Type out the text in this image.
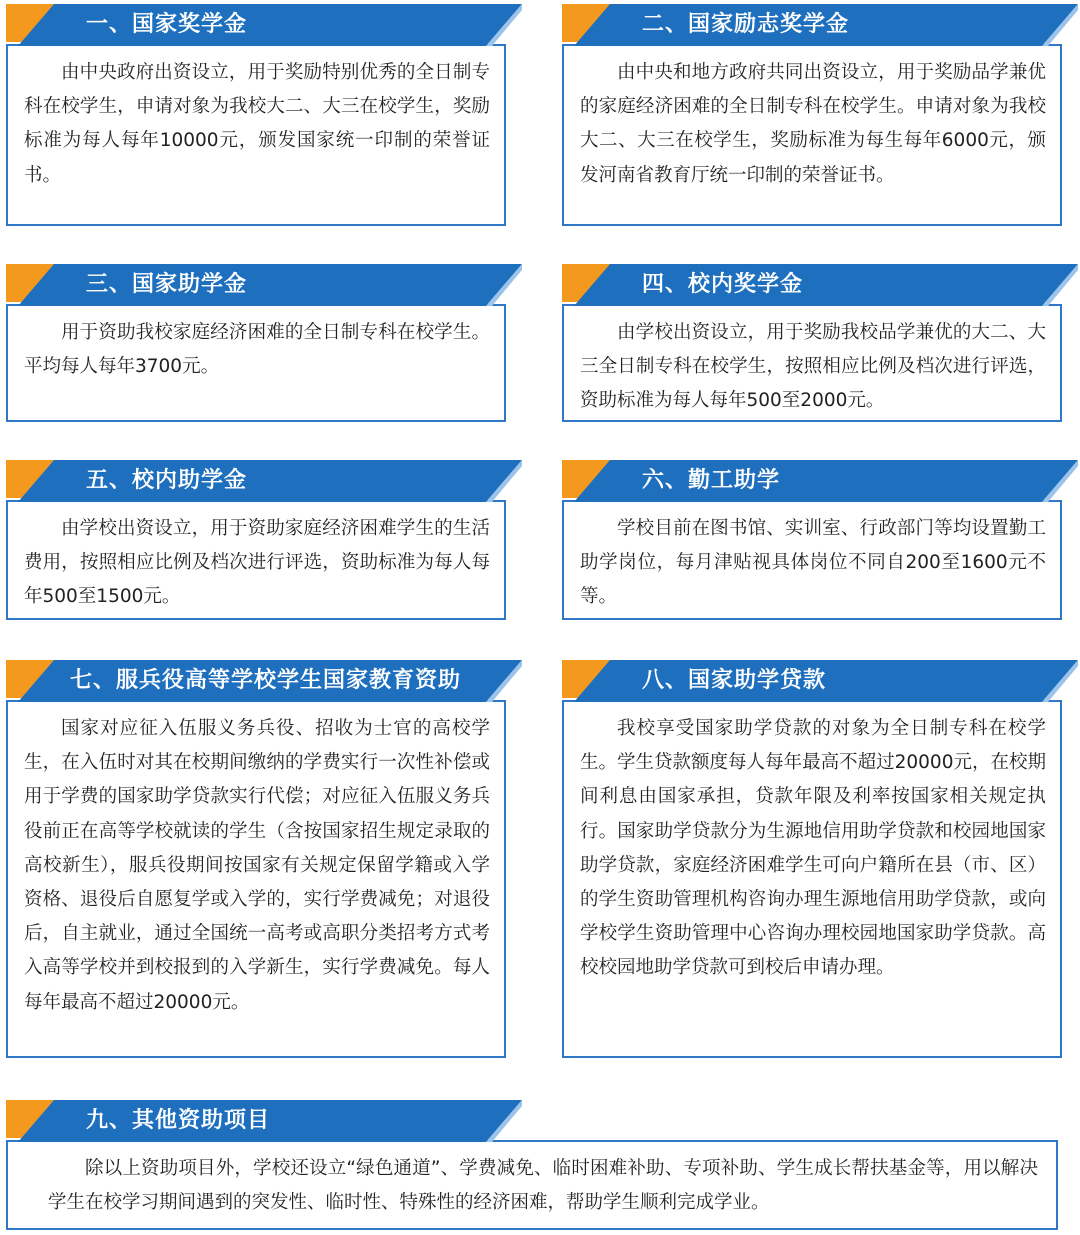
由中央政府出资设立，用于奖励特别优秀的全日制专科在校学生，申请对象为我校大二、大三在校学生，奖励标准为每人每年10000元，颁发国家统一印制的荣誉证书。

一、国家奖学金

由中央和地方政府共同出资设立，用于奖励品学兼优的家庭经济困难的全日制专科在校学生。申请对象为我校大二、大三在校学生，奖励标准为每生每年6000元，颁发河南省教育厅统一印制的荣誉证书。

二、国家励志奖学金

用于资助我校家庭经济困难的全日制专科在校学生。平均每人每年3700元。

三、国家助学金

由学校出资设立，用于奖励我校品学兼优的大二、大三全日制专科在校学生，按照相应比例及档次进行评选，资助标准为每人每年500至2000元。

四、校内奖学金

由学校出资设立，用于资助家庭经济困难学生的生活费用，按照相应比例及档次进行评选，资助标准为每人每年500至1500元。

五、校内助学金

学校目前在图书馆、实训室、行政部门等均设置勤工助学岗位，每月津贴视具体岗位不同自200至1600元不等。

六、勤工助学

国家对应征入伍服义务兵役、招收为士官的高校学生，在入伍时对其在校期间缴纳的学费实行一次性补偿或用于学费的国家助学贷款实行代偿；对应征入伍服义务兵役前正在高等学校就读的学生（含按国家招生规定录取的高校新生），服兵役期间按国家有关规定保留学籍或入学资格、退役后自愿复学或入学的，实行学费减免；对退役后，自主就业，通过全国统一高考或高职分类招考方式考入高等学校并到校报到的入学新生，实行学费减免。每人每年最高不超过20000元。

七、服兵役高等学校学生国家教育资助

我校享受国家助学贷款的对象为全日制专科在校学生。学生贷款额度每人每年最高不超过20000元，在校期间利息由国家承担，贷款年限及利率按国家相关规定执行。国家助学贷款分为生源地信用助学贷款和校园地国家助学贷款，家庭经济困难学生可向户籍所在县（市、区）的学生资助管理机构咨询办理生源地信用助学贷款，或向学校学生资助管理中心咨询办理校园地国家助学贷款。高校校园地助学贷款可到校后申请办理。

八、国家助学贷款

除以上资助项目外，学校还设立“绿色通道”、学费减免、临时困难补助、专项补助、学生成长帮扶基金等，用以解决学生在校学习期间遇到的突发性、临时性、特殊性的经济困难，帮助学生顺利完成学业。

九、其他资助项目
